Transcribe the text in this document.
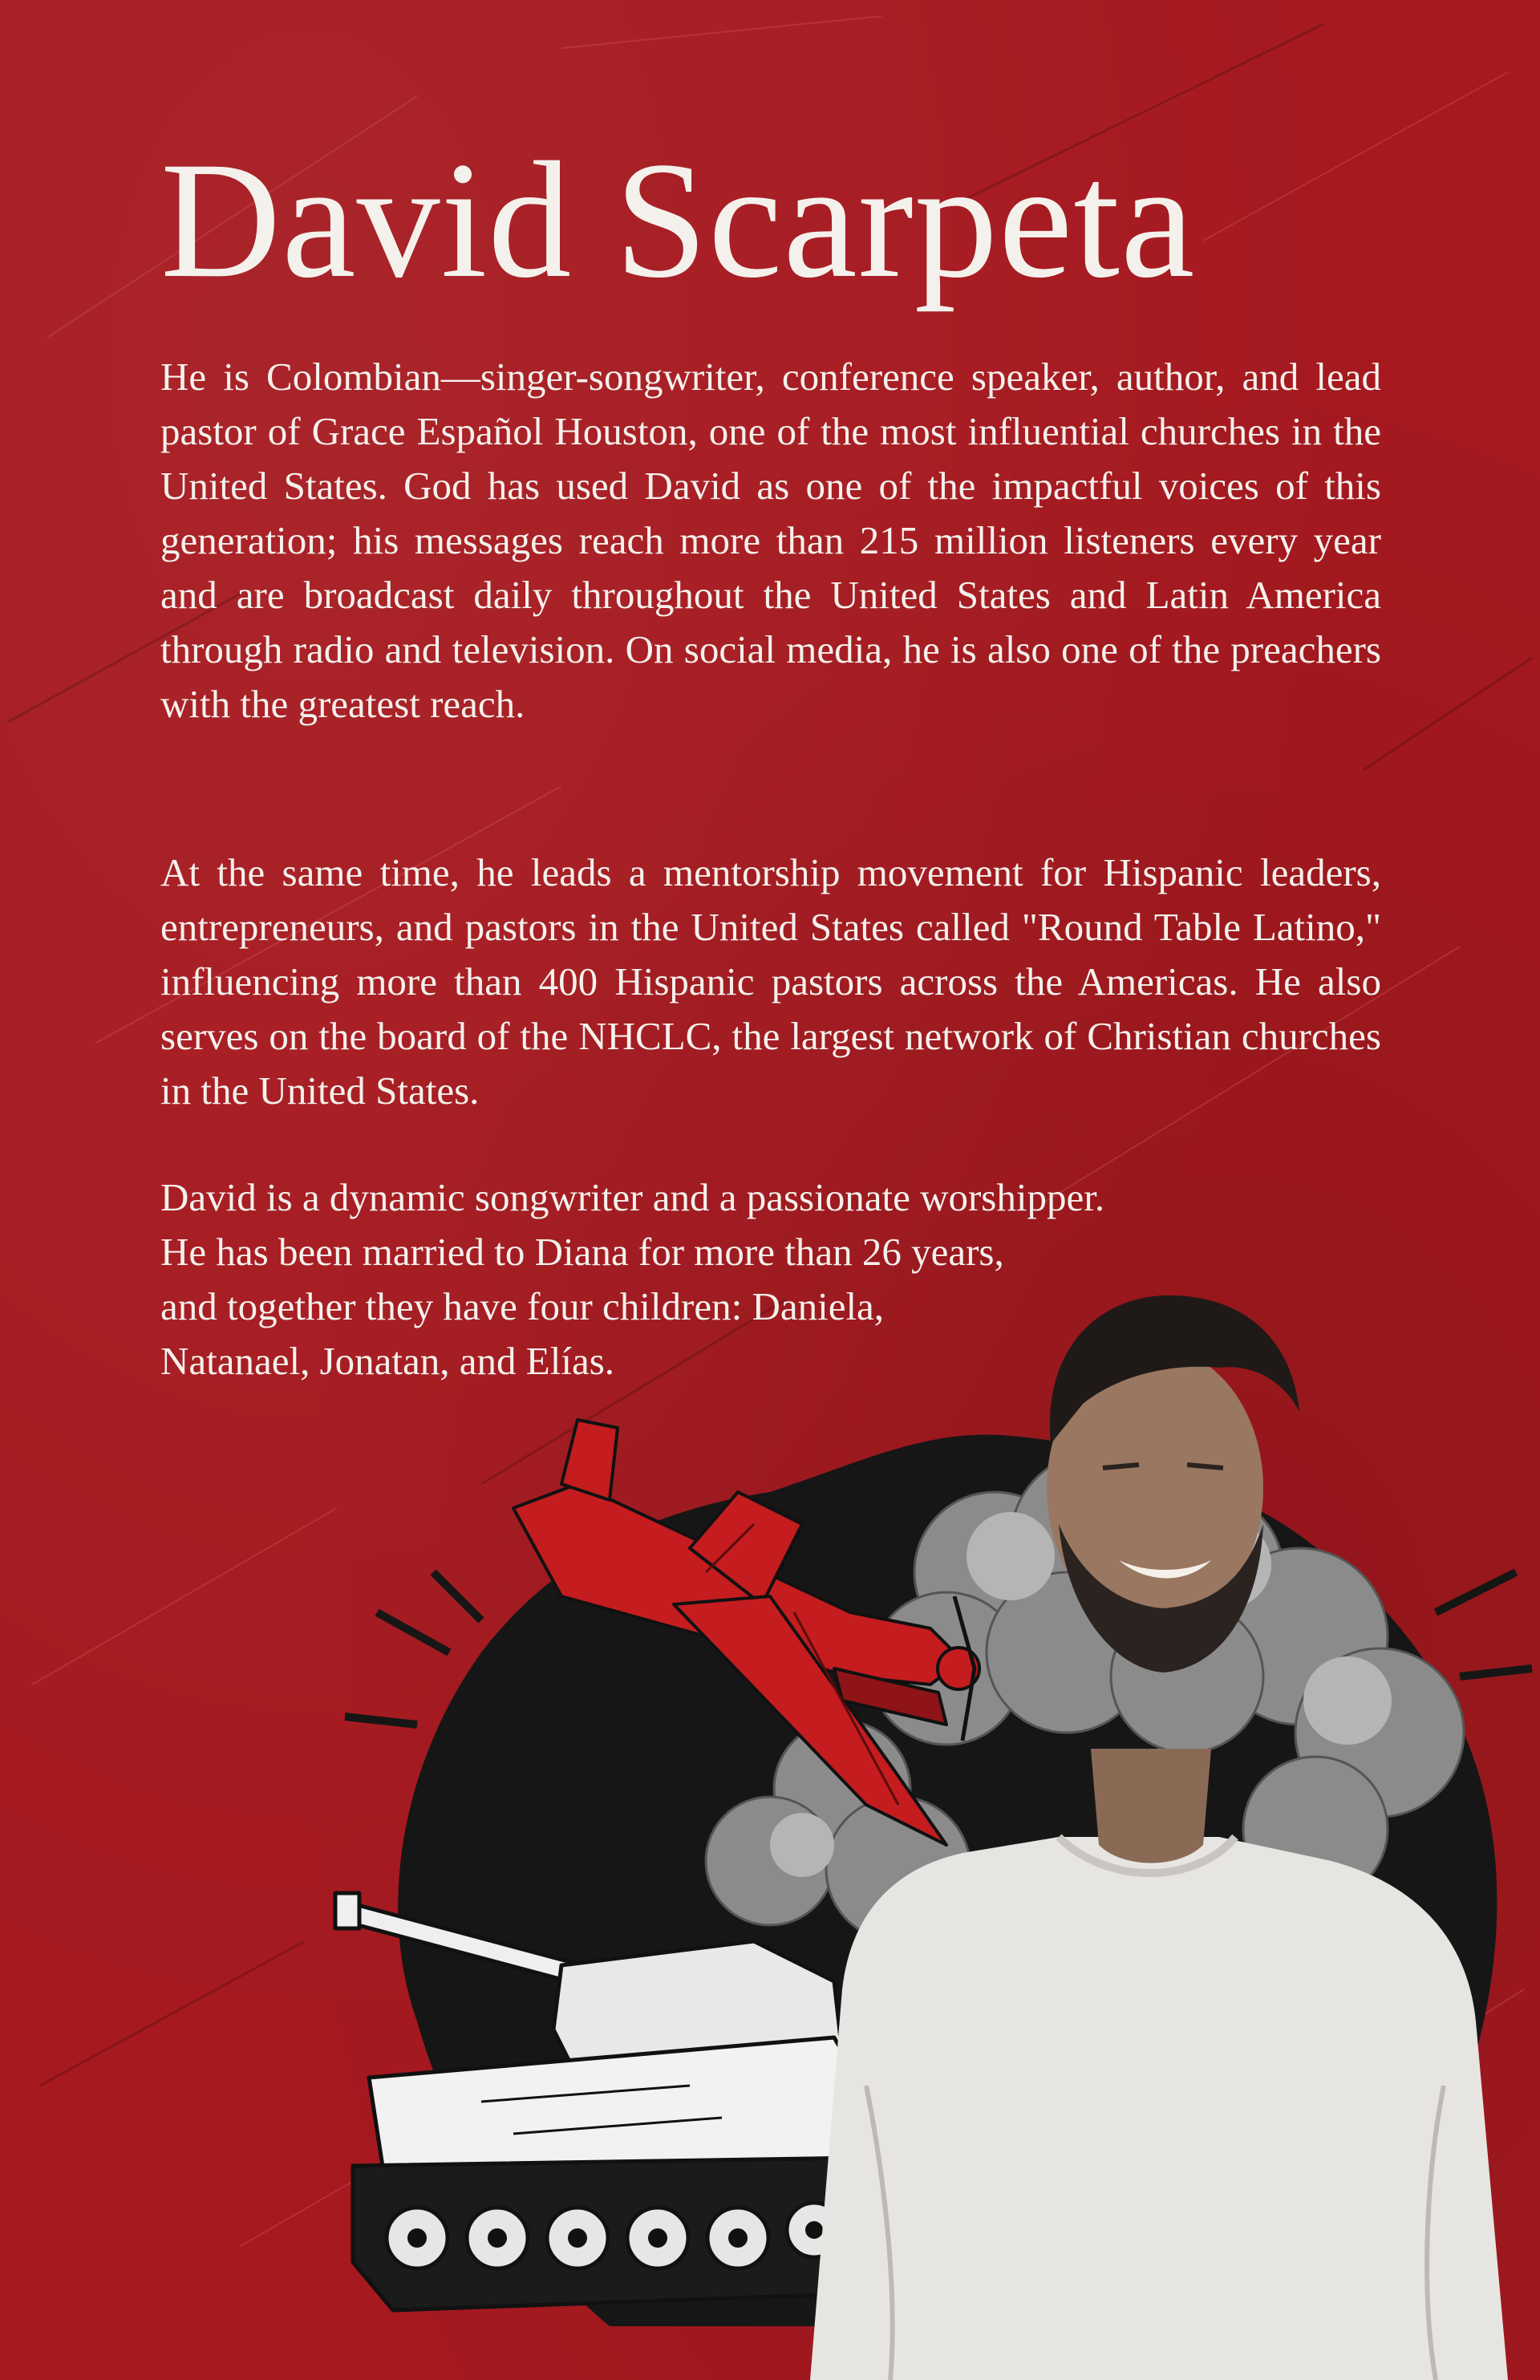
David Scarpeta

He is Colombian—singer-songwriter, conference speaker, author, and lead pastor of Grace Español Houston, one of the most influential churches in the United States. God has used David as one of the impactful voices of this generation; his messages reach more than 215 million listeners every year and are broadcast daily throughout the United States and Latin America through radio and television. On social media, he is also one of the preachers with the greatest reach.

At the same time, he leads a mentorship movement for Hispanic leaders, entrepreneurs, and pastors in the United States called "Round Table Latino," influencing more than 400 Hispanic pastors across the Americas. He also serves on the board of the NHCLC, the largest network of Christian churches in the United States.

David is a dynamic songwriter and a passionate worshipper.

He has been married to Diana for more than 26 years,

and together they have four children: Daniela,

Natanael, Jonatan, and Elías.
